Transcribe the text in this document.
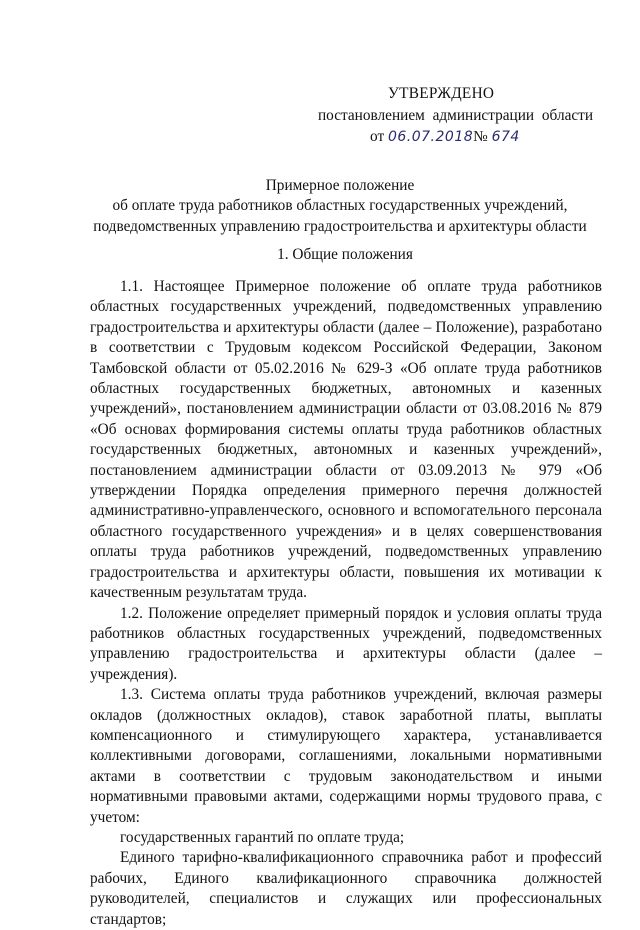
УТВЕРЖДЕНО
постановлением администрации области
от 06.07.2018№ 674
Примерное положение
об оплате труда работников областных государственных учреждений,
подведомственных управлению градостроительства и архитектуры области
1. Общие положения

1.1. Настоящее Примерное положение об оплате труда работников областных государственных учреждений, подведомственных управлению градостроительства и архитектуры области (далее – Положение), разработано в соответствии с Трудовым кодексом Российской Федерации, Законом Тамбовской области от 05.02.2016 № 629-З «Об оплате труда работников областных государственных бюджетных, автономных и казенных учреждений», постановлением администрации области от 03.08.2016 № 879 «Об основах формирования системы оплаты труда работников областных государственных бюджетных, автономных и казенных учреждений», постановлением администрации области от 03.09.2013 № 979 «Об утверждении Порядка определения примерного перечня должностей административно-управленческого, основного и вспомогательного персонала областного государственного учреждения» и в целях совершенствования оплаты труда работников учреждений, подведомственных управлению градостроительства и архитектуры области, повышения их мотивации к качественным результатам труда.

1.2. Положение определяет примерный порядок и условия оплаты труда работников областных государственных учреждений, подведомственных управлению градостроительства и архитектуры области (далее – учреждения).

1.3. Система оплаты труда работников учреждений, включая размеры окладов (должностных окладов), ставок заработной платы, выплаты компенсационного и стимулирующего характера, устанавливается коллективными договорами, соглашениями, локальными нормативными актами в соответствии с трудовым законодательством и иными нормативными правовыми актами, содержащими нормы трудового права, с учетом:

государственных гарантий по оплате труда;

Единого тарифно-квалификационного справочника работ и профессий рабочих, Единого квалификационного справочника должностей руководителей, специалистов и служащих или профессиональных стандартов;
